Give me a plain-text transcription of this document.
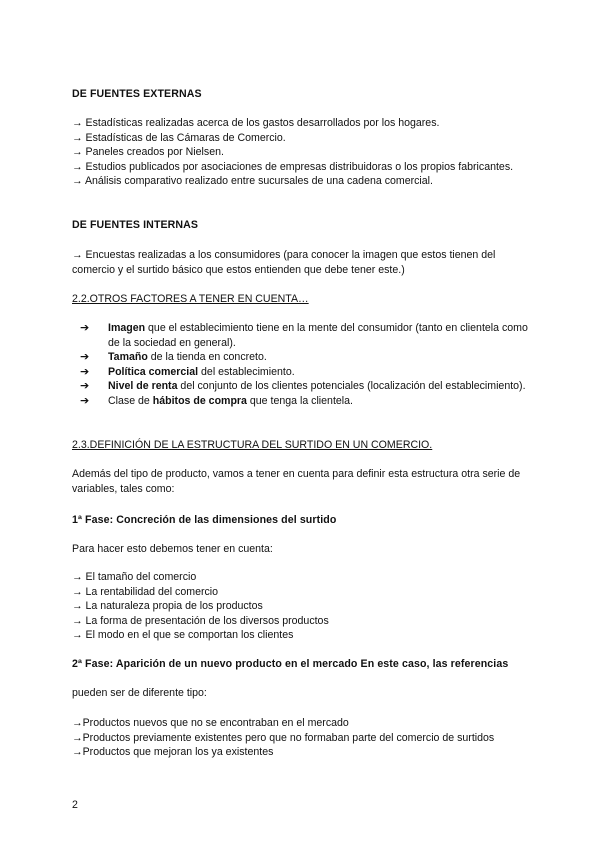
DE FUENTES EXTERNAS
→ Estadísticas realizadas acerca de los gastos desarrollados por los hogares.
→ Estadísticas de las Cámaras de Comercio.
→ Paneles creados por Nielsen.
→ Estudios publicados por asociaciones de empresas distribuidoras o los propios fabricantes.
→ Análisis comparativo realizado entre sucursales de una cadena comercial.
DE FUENTES INTERNAS
→ Encuestas realizadas a los consumidores (para conocer la imagen que estos tienen del comercio y el surtido básico que estos entienden que debe tener este.)
2.2.OTROS FACTORES A TENER EN CUENTA…
➔ Imagen que el establecimiento tiene en la mente del consumidor (tanto en clientela como de la sociedad en general).
➔ Tamaño de la tienda en concreto.
➔ Política comercial del establecimiento.
➔ Nivel de renta del conjunto de los clientes potenciales (localización del establecimiento).
➔ Clase de hábitos de compra que tenga la clientela.
2.3.DEFINICIÓN DE LA ESTRUCTURA DEL SURTIDO EN UN COMERCIO.
Además del tipo de producto, vamos a tener en cuenta para definir esta estructura otra serie de variables, tales como:
1ª Fase: Concreción de las dimensiones del surtido
Para hacer esto debemos tener en cuenta:
→ El tamaño del comercio
→ La rentabilidad del comercio
→ La naturaleza propia de los productos
→ La forma de presentación de los diversos productos
→ El modo en el que se comportan los clientes
2ª Fase: Aparición de un nuevo producto en el mercado En este caso, las referencias
pueden ser de diferente tipo:
→Productos nuevos que no se encontraban en el mercado
→Productos previamente existentes pero que no formaban parte del comercio de surtidos
→Productos que mejoran los ya existentes
2
